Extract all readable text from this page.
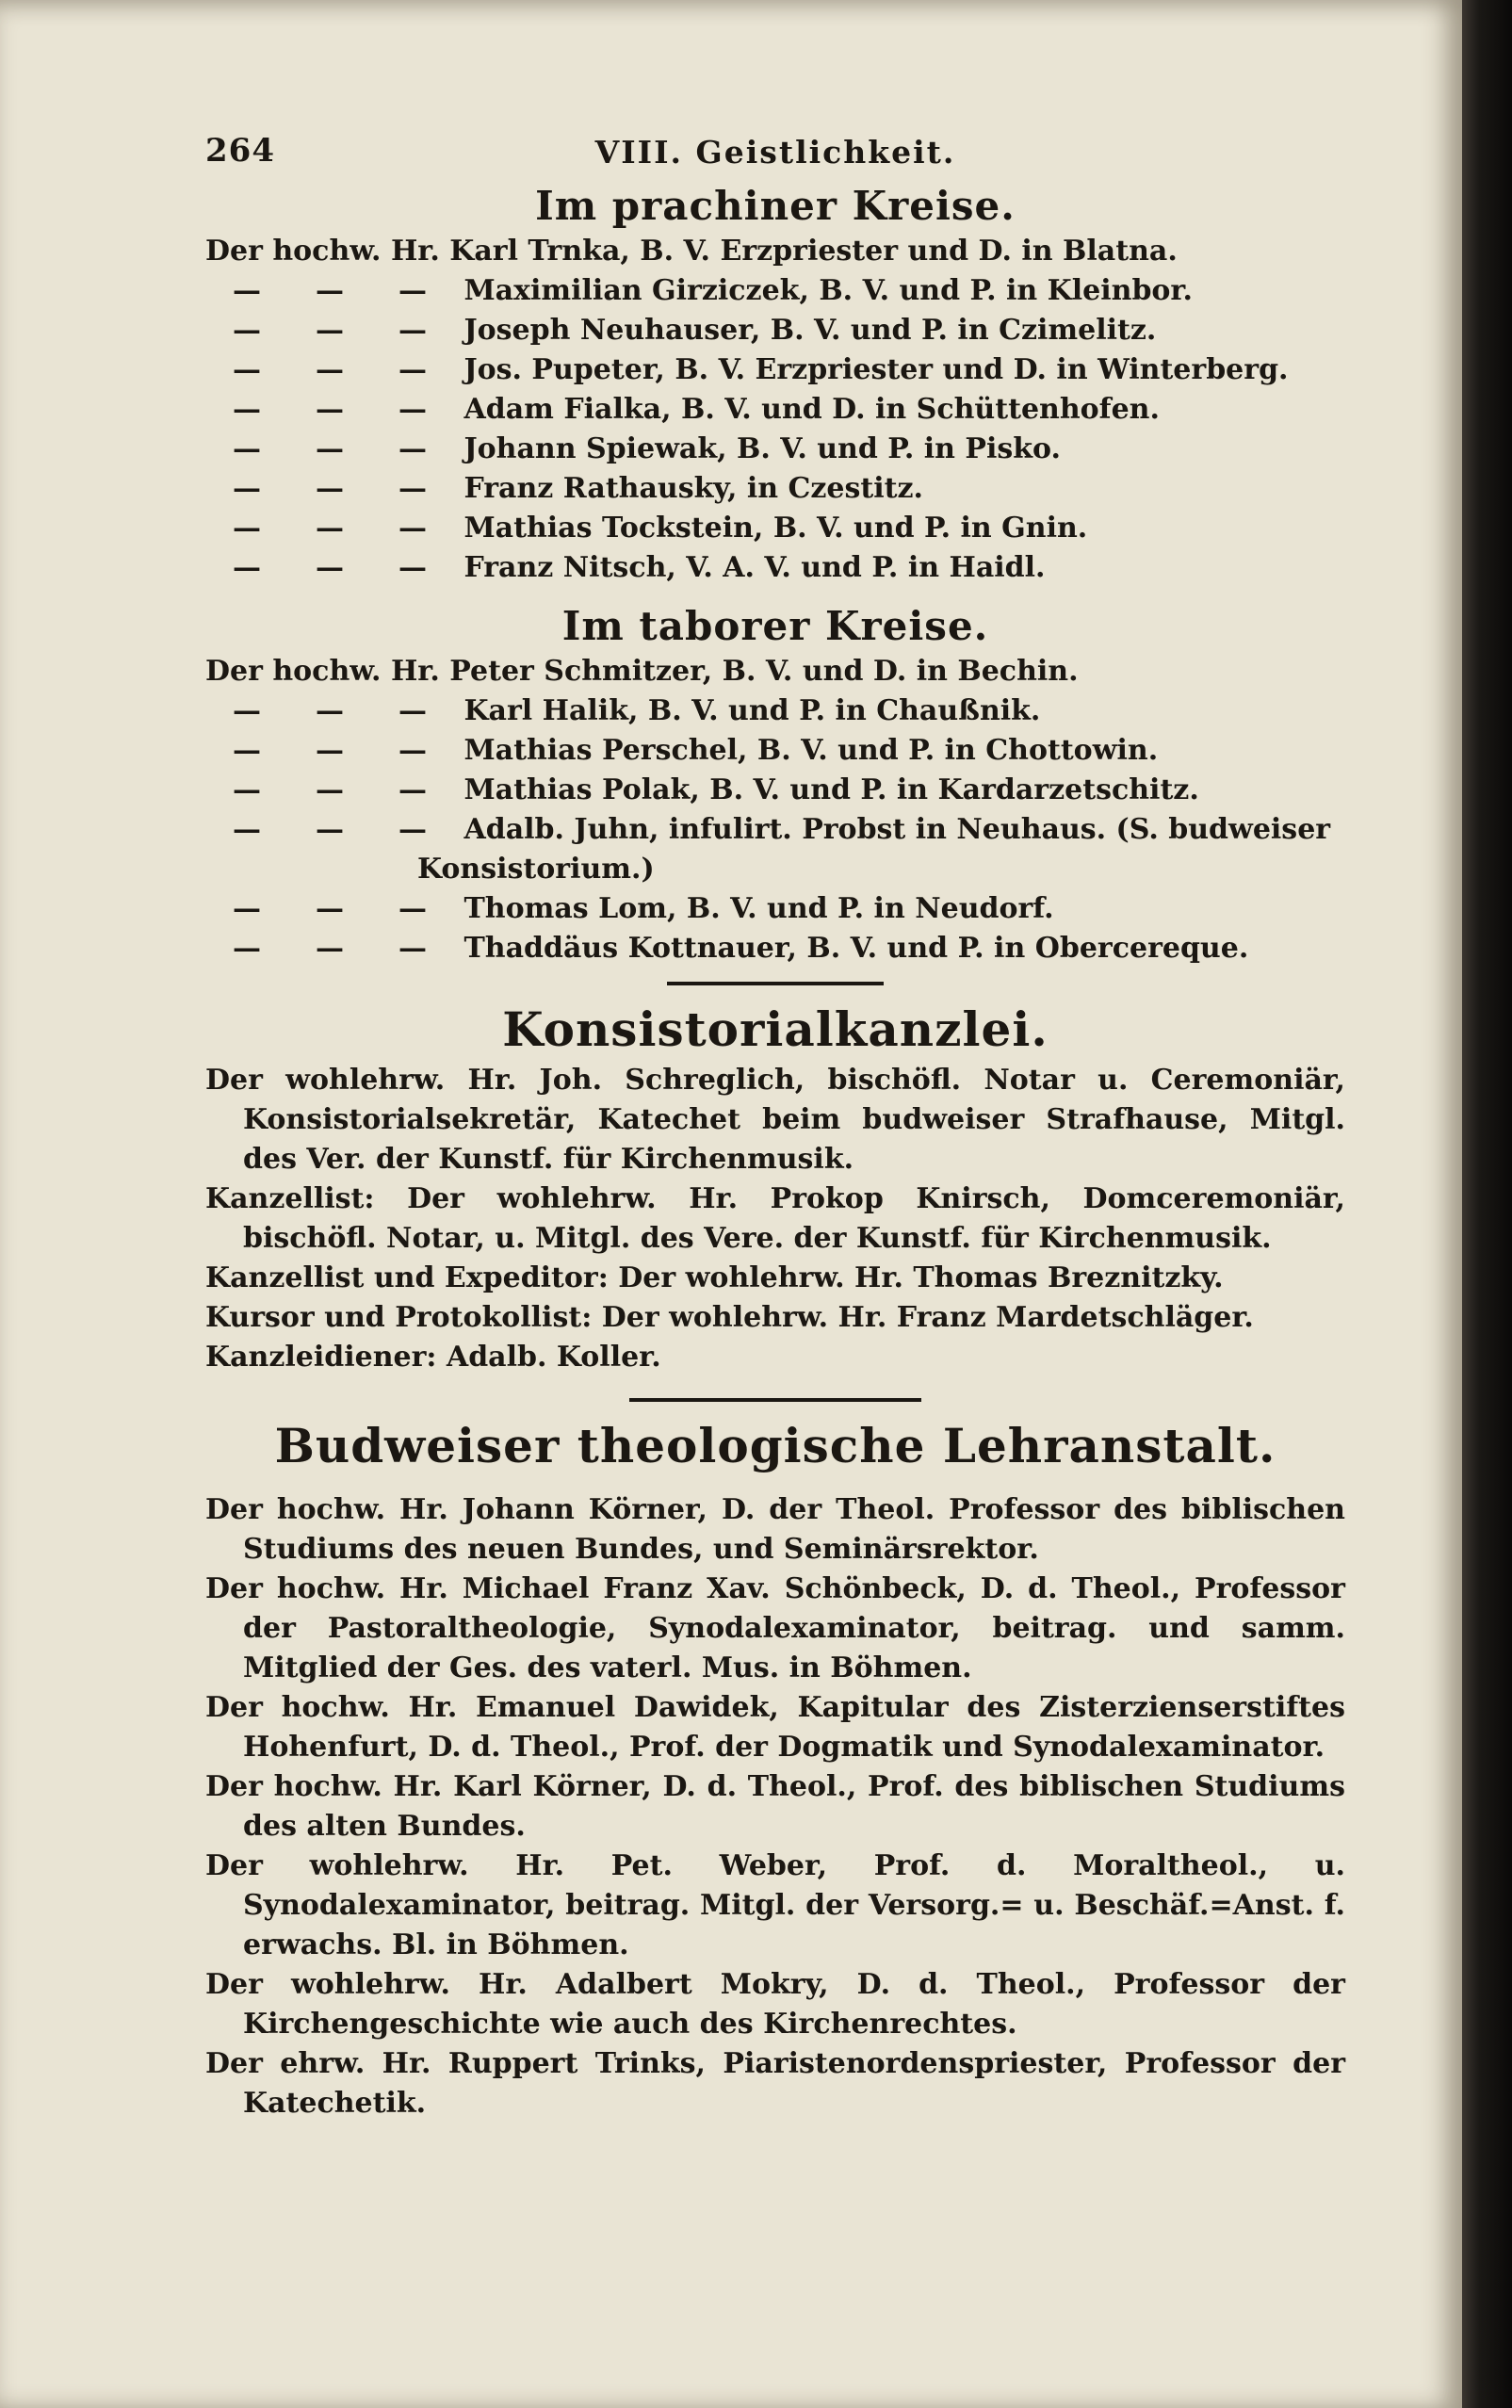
264	VIII. Geistlichkeit.
Im prachiner Kreise.
Der hochw. Hr. Karl Trnka, B. V. Erzpriester und D. in Blatna.
— — — Maximilian Girziczek, B. V. und P. in Kleinbor.
— — — Joseph Neuhauser, B. V. und P. in Czimelitz.
— — — Jos. Pupeter, B. V. Erzpriester und D. in Winterberg.
— — — Adam Fialka, B. V. und D. in Schüttenhofen.
— — — Johann Spiewak, B. V. und P. in Pisko.
— — — Franz Rathausky, in Czestitz.
— — — Mathias Tockstein, B. V. und P. in Gnin.
— — — Franz Nitsch, V. A. V. und P. in Haidl.
Im taborer Kreise.
Der hochw. Hr. Peter Schmitzer, B. V. und D. in Bechin.
— — — Karl Halik, B. V. und P. in Chaußnik.
— — — Mathias Perschel, B. V. und P. in Chottowin.
— — — Mathias Polak, B. V. und P. in Kardarzetschitz.
— — — Adalb. Juhn, infulirt. Probst in Neuhaus. (S. budweiser
Konsistorium.)
— — — Thomas Lom, B. V. und P. in Neudorf.
— — — Thaddäus Kottnauer, B. V. und P. in Obercereque.
Konsistorialkanzlei.

Der wohlehrw. Hr. Joh. Schreglich, bischöfl. Notar u. Ceremoniär, Konsistorialsekretär, Katechet beim budweiser Strafhause, Mitgl. des Ver. der Kunstf. für Kirchenmusik.

Kanzellist: Der wohlehrw. Hr. Prokop Knirsch, Domceremoniär, bischöfl. Notar, u. Mitgl. des Vere. der Kunstf. für Kirchenmusik.

Kanzellist und Expeditor: Der wohlehrw. Hr. Thomas Breznitzky.

Kursor und Protokollist: Der wohlehrw. Hr. Franz Mardetschläger.

Kanzleidiener: Adalb. Koller.

Budweiser theologische Lehranstalt.

Der hochw. Hr. Johann Körner, D. der Theol. Professor des biblischen Studiums des neuen Bundes, und Seminärsrektor.

Der hochw. Hr. Michael Franz Xav. Schönbeck, D. d. Theol., Professor der Pastoraltheologie, Synodalexaminator, beitrag. und samm. Mitglied der Ges. des vaterl. Mus. in Böhmen.

Der hochw. Hr. Emanuel Dawidek, Kapitular des Zisterzienserstiftes Hohenfurt, D. d. Theol., Prof. der Dogmatik und Synodalexaminator.

Der hochw. Hr. Karl Körner, D. d. Theol., Prof. des biblischen Studiums des alten Bundes.

Der wohlehrw. Hr. Pet. Weber, Prof. d. Moraltheol., u. Synodalexaminator, beitrag. Mitgl. der Versorg.= u. Beschäf.=Anst. f. erwachs. Bl. in Böhmen.

Der wohlehrw. Hr. Adalbert Mokry, D. d. Theol., Professor der Kirchengeschichte wie auch des Kirchenrechtes.

Der ehrw. Hr. Ruppert Trinks, Piaristenordenspriester, Professor der Katechetik.
